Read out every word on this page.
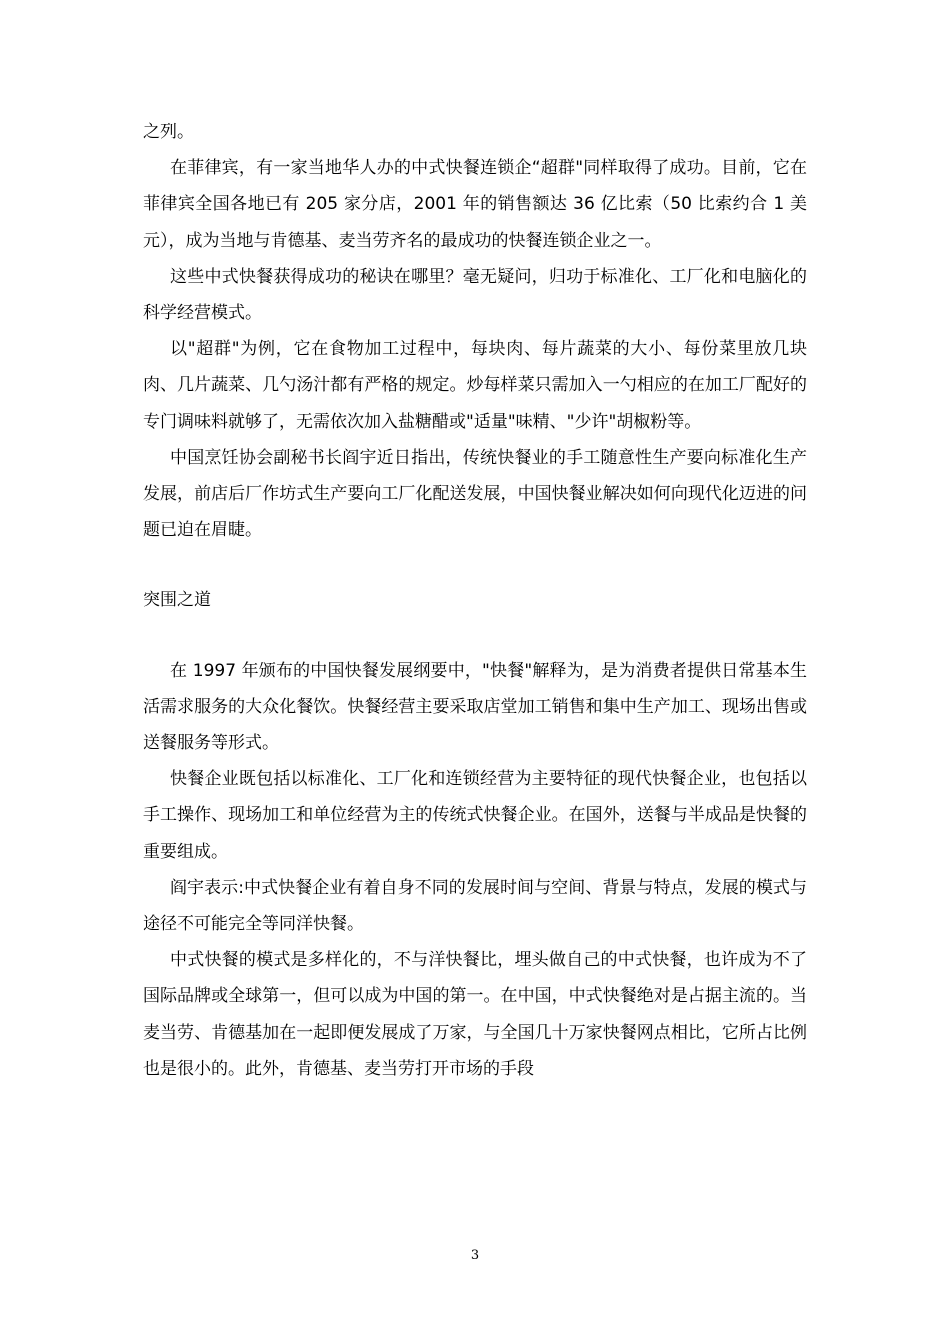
之列。

在菲律宾，有一家当地华人办的中式快餐连锁企“超群"同样取得了成功。目前，它在菲律宾全国各地已有 205 家分店，2001 年的销售额达 36 亿比索（50 比索约合 1 美元），成为当地与肯德基、麦当劳齐名的最成功的快餐连锁企业之一。

这些中式快餐获得成功的秘诀在哪里？毫无疑问，归功于标准化、工厂化和电脑化的科学经营模式。

以"超群"为例，它在食物加工过程中，每块肉、每片蔬菜的大小、每份菜里放几块肉、几片蔬菜、几勺汤汁都有严格的规定。炒每样菜只需加入一勺相应的在加工厂配好的专门调味料就够了，无需依次加入盐糖醋或"适量"味精、"少许"胡椒粉等。

中国烹饪协会副秘书长阎宇近日指出，传统快餐业的手工随意性生产要向标准化生产发展，前店后厂作坊式生产要向工厂化配送发展，中国快餐业解决如何向现代化迈进的问题已迫在眉睫。

突围之道

在 1997 年颁布的中国快餐发展纲要中，"快餐"解释为，是为消费者提供日常基本生活需求服务的大众化餐饮。快餐经营主要采取店堂加工销售和集中生产加工、现场出售或送餐服务等形式。

快餐企业既包括以标准化、工厂化和连锁经营为主要特征的现代快餐企业，也包括以手工操作、现场加工和单位经营为主的传统式快餐企业。在国外，送餐与半成品是快餐的重要组成。

阎宇表示:中式快餐企业有着自身不同的发展时间与空间、背景与特点，发展的模式与途径不可能完全等同洋快餐。

中式快餐的模式是多样化的，不与洋快餐比，埋头做自己的中式快餐，也许成为不了国际品牌或全球第一，但可以成为中国的第一。在中国，中式快餐绝对是占据主流的。当麦当劳、肯德基加在一起即便发展成了万家，与全国几十万家快餐网点相比，它所占比例也是很小的。此外，肯德基、麦当劳打开市场的手段

3
